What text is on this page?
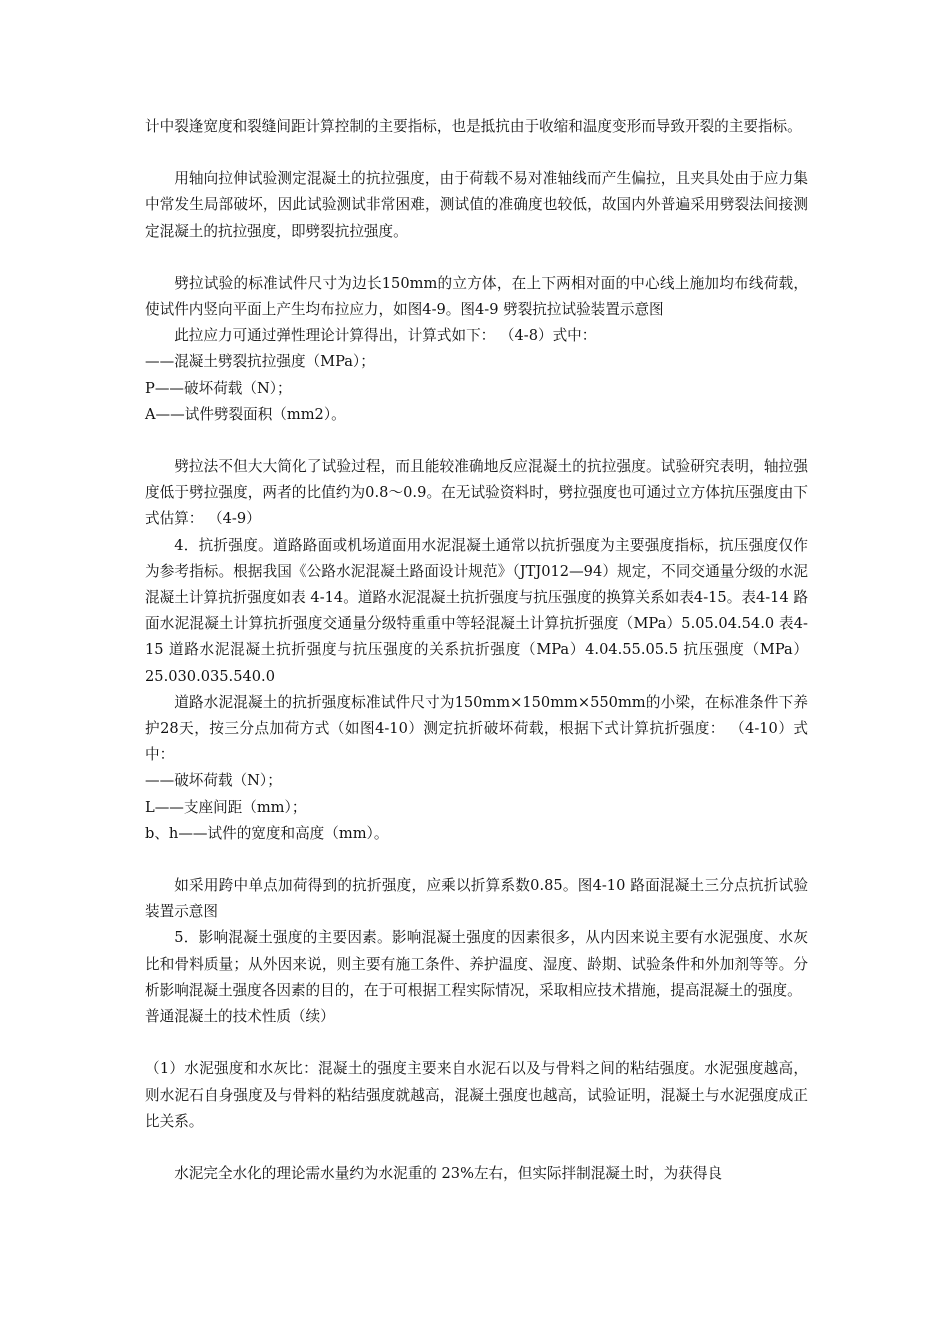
计中裂逢宽度和裂缝间距计算控制的主要指标，也是抵抗由于收缩和温度变形而导致开裂的主要指标。

用轴向拉伸试验测定混凝土的抗拉强度，由于荷载不易对准轴线而产生偏拉，且夹具处由于应力集中常发生局部破坏，因此试验测试非常困难，测试值的准确度也较低，故国内外普遍采用劈裂法间接测定混凝土的抗拉强度，即劈裂抗拉强度。

劈拉试验的标准试件尺寸为边长150mm的立方体，在上下两相对面的中心线上施加均布线荷载，使试件内竖向平面上产生均布拉应力，如图4-9。图4-9 劈裂抗拉试验装置示意图

此拉应力可通过弹性理论计算得出，计算式如下： （4-8）式中：

——混凝土劈裂抗拉强度（MPa）；

P——破坏荷载（N）；

A——试件劈裂面积（mm2）。

劈拉法不但大大简化了试验过程，而且能较准确地反应混凝土的抗拉强度。试验研究表明，轴拉强度低于劈拉强度，两者的比值约为0.8～0.9。在无试验资料时，劈拉强度也可通过立方体抗压强度由下式估算： （4-9）

4．抗折强度。道路路面或机场道面用水泥混凝土通常以抗折强度为主要强度指标，抗压强度仅作为参考指标。根据我国《公路水泥混凝土路面设计规范》（JTJ012—94）规定，不同交通量分级的水泥混凝土计算抗折强度如表 4-14。道路水泥混凝土抗折强度与抗压强度的换算关系如表4-15。表4-14 路面水泥混凝土计算抗折强度交通量分级特重重中等轻混凝土计算抗折强度（MPa）5.05.04.54.0 表4-15 道路水泥混凝土抗折强度与抗压强度的关系抗折强度（MPa）4.04.55.05.5 抗压强度（MPa）25.030.035.540.0

道路水泥混凝土的抗折强度标准试件尺寸为150mm×150mm×550mm的小梁，在标准条件下养护28天，按三分点加荷方式（如图4-10）测定抗折破坏荷载，根据下式计算抗折强度： （4-10）式中：

——破坏荷载（N）；

L——支座间距（mm）；

b、h——试件的宽度和高度（mm）。

如采用跨中单点加荷得到的抗折强度，应乘以折算系数0.85。图4-10 路面混凝土三分点抗折试验装置示意图

5．影响混凝土强度的主要因素。影响混凝土强度的因素很多，从内因来说主要有水泥强度、水灰比和骨料质量；从外因来说，则主要有施工条件、养护温度、湿度、龄期、试验条件和外加剂等等。分析影响混凝土强度各因素的目的，在于可根据工程实际情况，采取相应技术措施，提高混凝土的强度。

普通混凝土的技术性质（续）

（1）水泥强度和水灰比：混凝土的强度主要来自水泥石以及与骨料之间的粘结强度。水泥强度越高，则水泥石自身强度及与骨料的粘结强度就越高，混凝土强度也越高，试验证明，混凝土与水泥强度成正比关系。

水泥完全水化的理论需水量约为水泥重的 23%左右，但实际拌制混凝土时，为获得良
